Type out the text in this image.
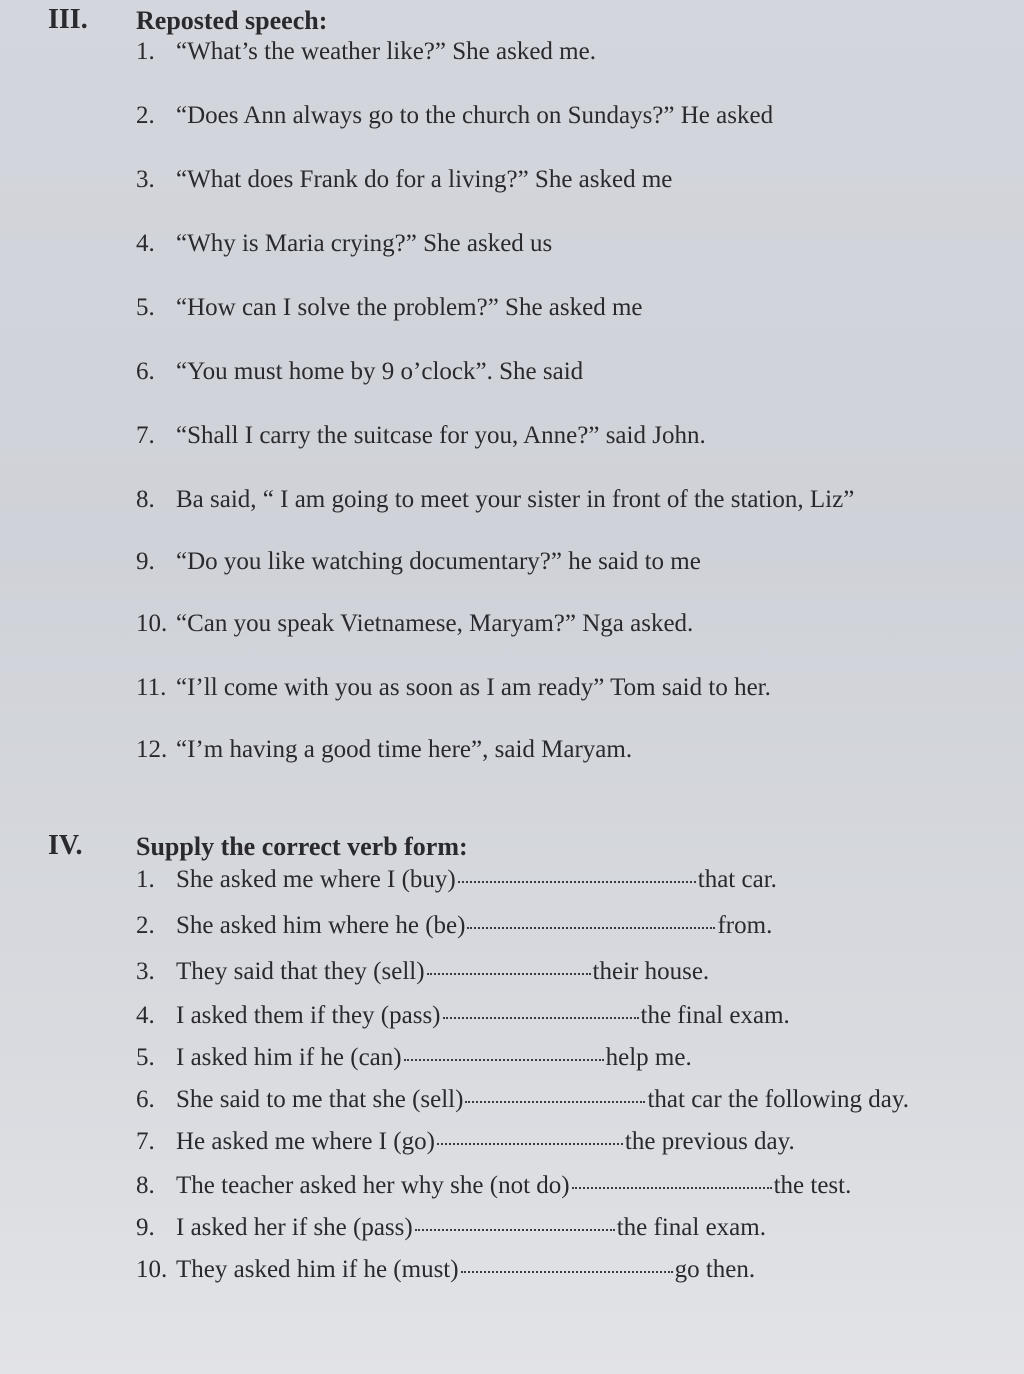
III. Reposted speech:
1. “What’s the weather like?” She asked me.
2. “Does Ann always go to the church on Sundays?” He asked
3. “What does Frank do for a living?” She asked me
4. “Why is Maria crying?” She asked us
5. “How can I solve the problem?” She asked me
6. “You must home by 9 o’clock”. She said
7. “Shall I carry the suitcase for you, Anne?” said John.
8. Ba said, “ I am going to meet your sister in front of the station, Liz”
9. “Do you like watching documentary?” he said to me
10. “Can you speak Vietnamese, Maryam?” Nga asked.
11. “I’ll come with you as soon as I am ready” Tom said to her.
12. “I’m having a good time here”, said Maryam.
IV. Supply the correct verb form:
1. She asked me where I (buy)	that car.
2. She asked him where he (be)	from.
3. They said that they (sell)	their house.
4. I asked them if they (pass)	the final exam.
5. I asked him if he (can)	help me.
6. She said to me that she (sell)	that car the following day.
7. He asked me where I (go)	the previous day.
8. The teacher asked her why she (not do)	the test.
9. I asked her if she (pass)	the final exam.
10. They asked him if he (must)	go then.
